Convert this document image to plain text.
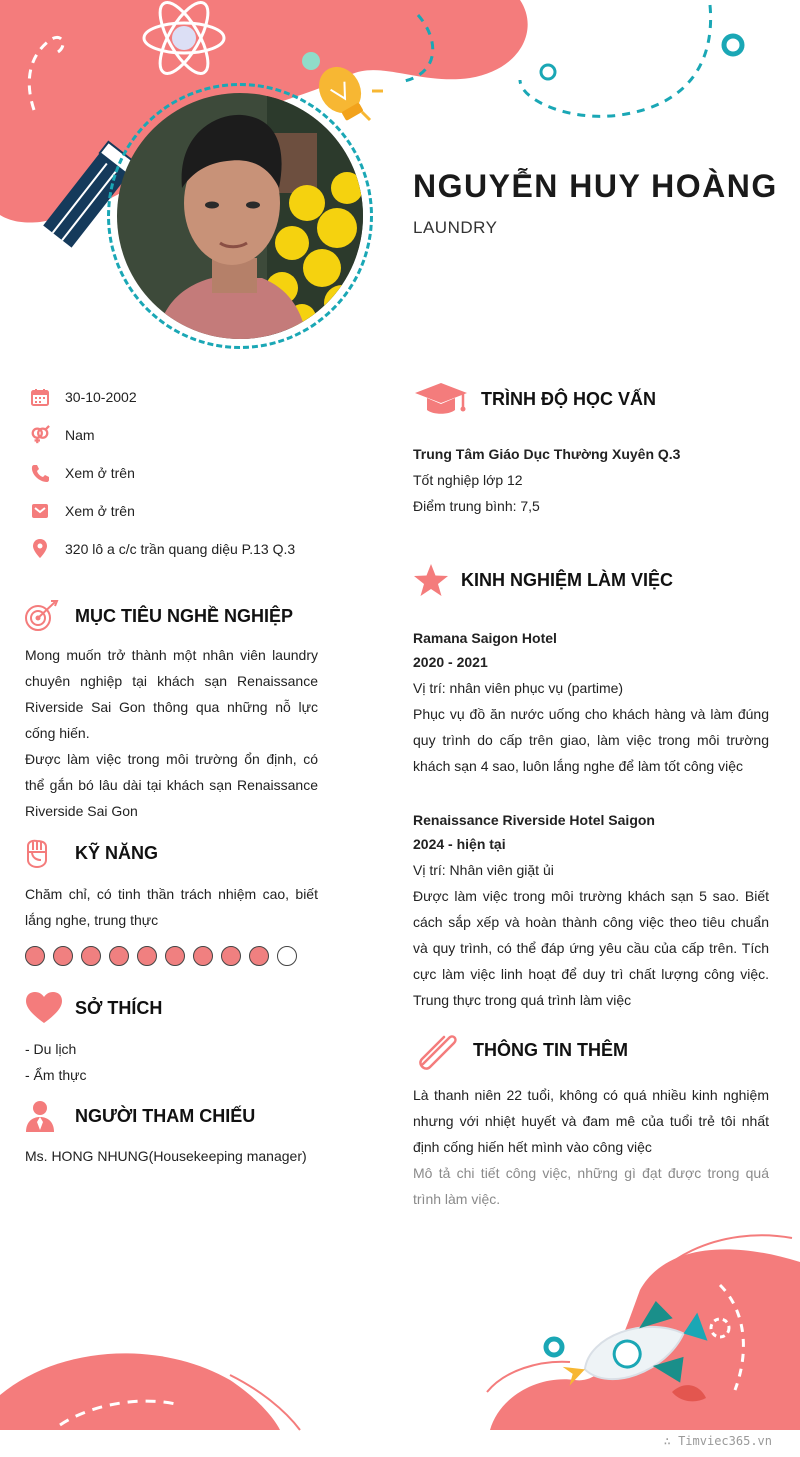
NGUYỄN HUY HOÀNG
LAUNDRY
30-10-2002
Nam
Xem ở trên
Xem ở trên
320 lô a c/c trần quang diệu P.13 Q.3
MỤC TIÊU NGHỀ NGHIỆP
Mong muốn trở thành một nhân viên laundry chuyên nghiệp tại khách sạn Renaissance Riverside Sai Gon thông qua những nỗ lực cống hiến.
Được làm việc trong môi trường ổn định, có thể gắn bó lâu dài tại khách sạn Renaissance Riverside Sai Gon
KỸ NĂNG
Chăm chỉ, có tinh thần trách nhiệm cao, biết lắng nghe, trung thực
SỞ THÍCH
- Du lịch
- Ẩm thực
NGƯỜI THAM CHIẾU
Ms. HONG NHUNG(Housekeeping manager)
TRÌNH ĐỘ HỌC VẤN
Trung Tâm Giáo Dục Thường Xuyên Q.3
Tốt nghiệp lớp 12
Điểm trung bình: 7,5
KINH NGHIỆM LÀM VIỆC
Ramana Saigon Hotel
2020 - 2021
Vị trí: nhân viên phục vụ (partime)
Phục vụ đồ ăn nước uống cho khách hàng và làm đúng quy trình do cấp trên giao, làm việc trong môi trường khách sạn 4 sao, luôn lắng nghe để làm tốt công việc
Renaissance Riverside Hotel Saigon
2024 - hiện tại
Vị trí: Nhân viên giặt ủi
Được làm việc trong môi trường khách sạn 5 sao. Biết cách sắp xếp và hoàn thành công việc theo tiêu chuẩn và quy trình, có thể đáp ứng yêu cầu của cấp trên. Tích cực làm việc linh hoạt để duy trì chất lượng công việc. Trung thực trong quá trình làm việc
THÔNG TIN THÊM
Là thanh niên 22 tuổi, không có quá nhiều kinh nghiệm nhưng với nhiệt huyết và đam mê của tuổi trẻ tôi nhất định cống hiến hết mình vào công việc
Mô tả chi tiết công việc, những gì đạt được trong quá trình làm việc.
∴ Timviec365.vn
